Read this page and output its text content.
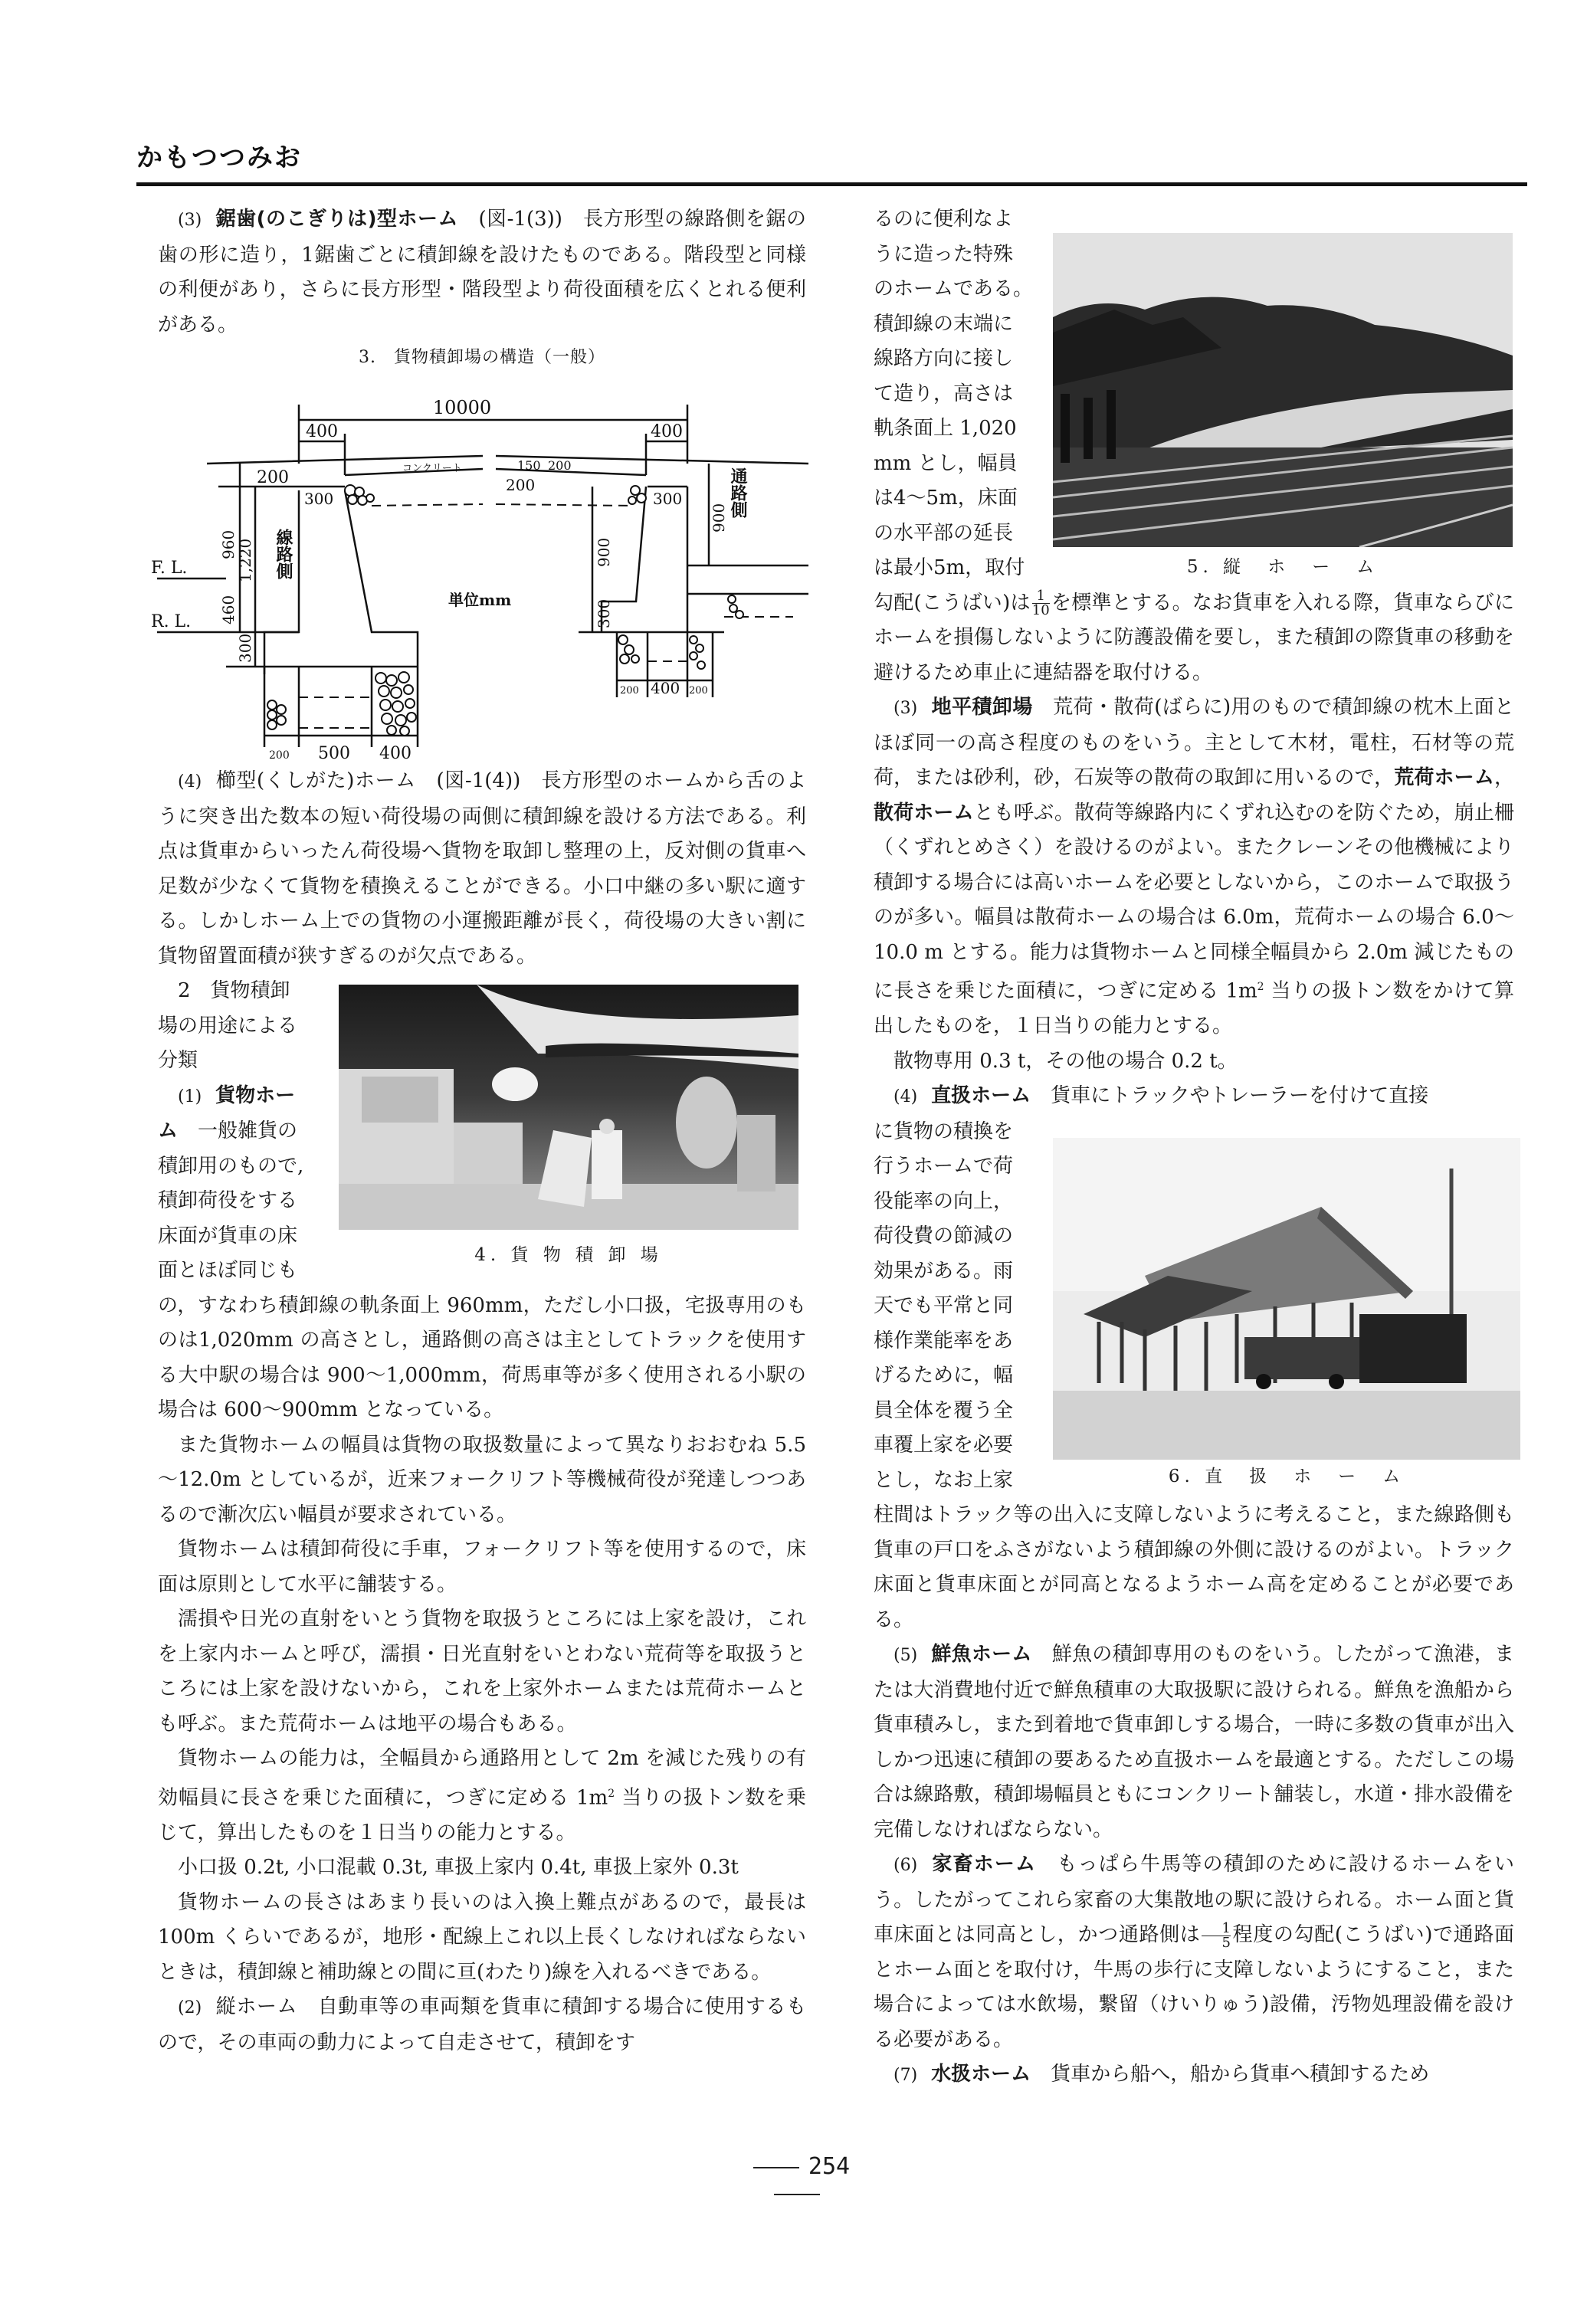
かもつつみお

(3) 鋸歯(のこぎりは)型ホーム　 (図-1(3))　 長方形型の線路側を鋸の歯の形に造り，1鋸歯ごとに積卸線を設けたものである。階段型と同様の利便があり，さらに長方形型・階段型より荷役面積を広くとれる便利がある。

3.　貨物積卸場の構造（一般）

(4) 櫛型(くしがた)ホーム　 (図-1(4))　 長方形型のホームから舌のように突き出た数本の短い荷役場の両側に積卸線を設ける方法である。利点は貨車からいったん荷役場へ貨物を取卸し整理の上，反対側の貨車へ足数が少なくて貨物を積換えることができる。小口中継の多い駅に適する。しかしホーム上での貨物の小運搬距離が長く，荷役場の大きい割に貨物留置面積が狭すぎるのが欠点である。

2　貨物積卸
場の用途による
分類
(1) 貨物ホー
ム　 一般雑貨の
積卸用のもので,
積卸荷役をする
床面が貨車の床
面とほぼ同じも
4. 貨 物 積 卸 場

の，すなわち積卸線の軌条面上 960mm，ただし小口扱，宅扱専用のものは1,020mm の高さとし，通路側の高さは主としてトラックを使用する大中駅の場合は 900～1,000mm，荷馬車等が多く使用される小駅の場合は 600～900mm となっている。

また貨物ホームの幅員は貨物の取扱数量によって異なりおおむね 5.5～12.0m としているが，近来フォークリフト等機械荷役が発達しつつあるので漸次広い幅員が要求されている。

貨物ホームは積卸荷役に手車，フォークリフト等を使用するので，床面は原則として水平に舗装する。

濡損や日光の直射をいとう貨物を取扱うところには上家を設け，これを上家内ホームと呼び，濡損・日光直射をいとわない荒荷等を取扱うところには上家を設けないから，これを上家外ホームまたは荒荷ホームとも呼ぶ。また荒荷ホームは地平の場合もある。

貨物ホームの能力は，全幅員から通路用として 2m を減じた残りの有効幅員に長さを乗じた面積に，つぎに定める $1m^2$ 当りの扱トン数を乗じて，算出したものを１日当りの能力とする。

小口扱 0.2t, 小口混載 0.3t, 車扱上家内 0.4t, 車扱上家外 0.3t

貨物ホームの長さはあまり長いのは入換上難点があるので，最長は 100m くらいであるが，地形・配線上これ以上長くしなければならないときは，積卸線と補助線との間に亘(わたり)線を入れるべきである。

(2) 縦ホーム　 自動車等の車両類を貨車に積卸する場合に使用するもので，その車両の動力によって自走させて，積卸をす

10000
400	400
コンクリート
200
150 200
200
300	300
960
1,220
460
300
F. L.
R. L.
線路側
通路側
900
900
300
単位mm
200 500 400
200 400 200
るのに便利なよ
うに造った特殊
のホームである。
積卸線の末端に
線路方向に接し
て造り，高さは
軌条面上 1,020
mm とし，幅員
は4～5m，床面
の水平部の延長
は最小5m，取付	5. 縦　ホ　ー　ム

勾配(こうばい)は $\frac{1}{10}$ を標準とする。なお貨車を入れる際，貨車ならびにホームを損傷しないように防護設備を要し，また積卸の際貨車の移動を避けるため車止に連結器を取付ける。

(3) 地平積卸場　 荒荷・散荷(ばらに)用のもので積卸線の枕木上面とほぼ同一の高さ程度のものをいう。主として木材，電柱，石材等の荒荷，または砂利，砂，石炭等の散荷の取卸に用いるので，荒荷ホーム，散荷ホームとも呼ぶ。散荷等線路内にくずれ込むのを防ぐため，崩止柵（くずれとめさく）を設けるのがよい。またクレーンその他機械により積卸する場合には高いホームを必要としないから，このホームで取扱うのが多い。幅員は散荷ホームの場合は 6.0m，荒荷ホームの場合 6.0～10.0 m とする。能力は貨物ホームと同様全幅員から 2.0m 減じたものに長さを乗じた面積に，つぎに定める $1m^2$ 当りの扱トン数をかけて算出したものを，１日当りの能力とする。

散物専用 0.3 t，その他の場合 0.2 t。

(4) 直扱ホーム　 貨車にトラックやトレーラーを付けて直接

に貨物の積換を
行うホームで荷
役能率の向上，
荷役費の節減の
効果がある。雨
天でも平常と同
様作業能率をあ
げるために，幅
員全体を覆う全
車覆上家を必要
とし，なお上家	6. 直　扱　ホ　ー　ム

柱間はトラック等の出入に支障しないように考えること，また線路側も貨車の戸口をふさがないよう積卸線の外側に設けるのがよい。トラック床面と貨車床面とが同高となるようホーム高を定めることが必要である。

(5) 鮮魚ホーム　 鮮魚の積卸専用のものをいう。したがって漁港，または大消費地付近で鮮魚積車の大取扱駅に設けられる。鮮魚を漁船から貨車積みし，また到着地で貨車卸しする場合，一時に多数の貨車が出入しかつ迅速に積卸の要あるため直扱ホームを最適とする。ただしこの場合は線路敷，積卸場幅員ともにコンクリート舗装し，水道・排水設備を完備しなければならない。

(6) 家畜ホーム　 もっぱら牛馬等の積卸のために設けるホームをいう。したがってこれら家畜の大集散地の駅に設けられる。ホーム面と貨車床面とは同高とし，かつ通路側は $\frac{1}{5}$ 程度の勾配(こうばい)で通路面とホーム面とを取付け，牛馬の歩行に支障しないようにすること，また場合によっては水飲場，繋留（けいりゅう)設備，汚物処理設備を設ける必要がある。

(7) 水扱ホーム　 貨車から船へ，船から貨車へ積卸するため

254
